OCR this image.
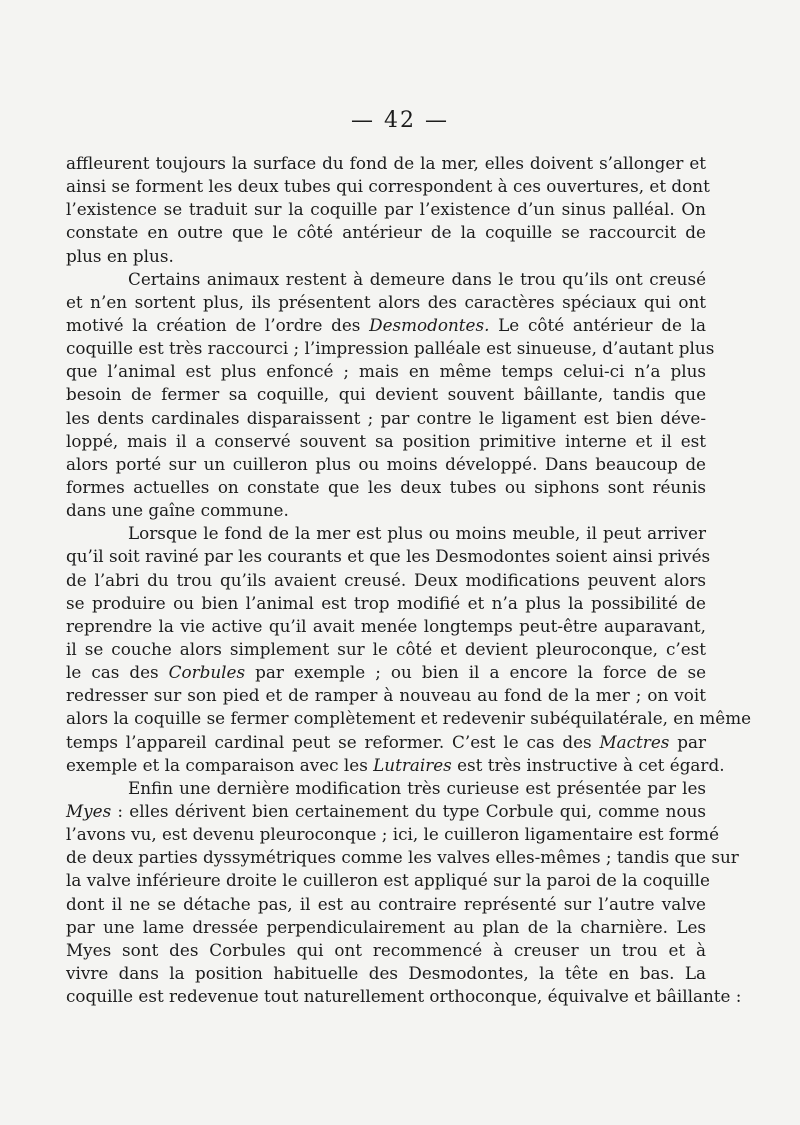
— 42 —
affleurent toujours la surface du fond de la mer, elles doivent s’allonger et
ainsi se forment les deux tubes qui correspondent à ces ouvertures, et dont
l’existence se traduit sur la coquille par l’existence d’un sinus palléal. On
constate en outre que le côté antérieur de la coquille se raccourcit de
plus en plus.
Certains animaux restent à demeure dans le trou qu’ils ont creusé
et n’en sortent plus, ils présentent alors des caractères spéciaux qui ont
motivé la création de l’ordre des Desmodontes. Le côté antérieur de la
coquille est très raccourci ; l’impression palléale est sinueuse, d’autant plus
que l’animal est plus enfoncé ; mais en même temps celui-ci n’a plus
besoin de fermer sa coquille, qui devient souvent bâillante, tandis que
les dents cardinales disparaissent ; par contre le ligament est bien déve-
loppé, mais il a conservé souvent sa position primitive interne et il est
alors porté sur un cuilleron plus ou moins développé. Dans beaucoup de
formes actuelles on constate que les deux tubes ou siphons sont réunis
dans une gaîne commune.
Lorsque le fond de la mer est plus ou moins meuble, il peut arriver
qu’il soit raviné par les courants et que les Desmodontes soient ainsi privés
de l’abri du trou qu’ils avaient creusé. Deux modifications peuvent alors
se produire ou bien l’animal est trop modifié et n’a plus la possibilité de
reprendre la vie active qu’il avait menée longtemps peut-être auparavant,
il se couche alors simplement sur le côté et devient pleuroconque, c’est
le cas des Corbules par exemple ; ou bien il a encore la force de se
redresser sur son pied et de ramper à nouveau au fond de la mer ; on voit
alors la coquille se fermer complètement et redevenir subéquilatérale, en même
temps l’appareil cardinal peut se reformer. C’est le cas des Mactres par
exemple et la comparaison avec les Lutraires est très instructive à cet égard.
Enfin une dernière modification très curieuse est présentée par les
Myes : elles dérivent bien certainement du type Corbule qui, comme nous
l’avons vu, est devenu pleuroconque ; ici, le cuilleron ligamentaire est formé
de deux parties dyssymétriques comme les valves elles-mêmes ; tandis que sur
la valve inférieure droite le cuilleron est appliqué sur la paroi de la coquille
dont il ne se détache pas, il est au contraire représenté sur l’autre valve
par une lame dressée perpendiculairement au plan de la charnière. Les
Myes sont des Corbules qui ont recommencé à creuser un trou et à
vivre dans la position habituelle des Desmodontes, la tête en bas. La
coquille est redevenue tout naturellement orthoconque, équivalve et bâillante :
